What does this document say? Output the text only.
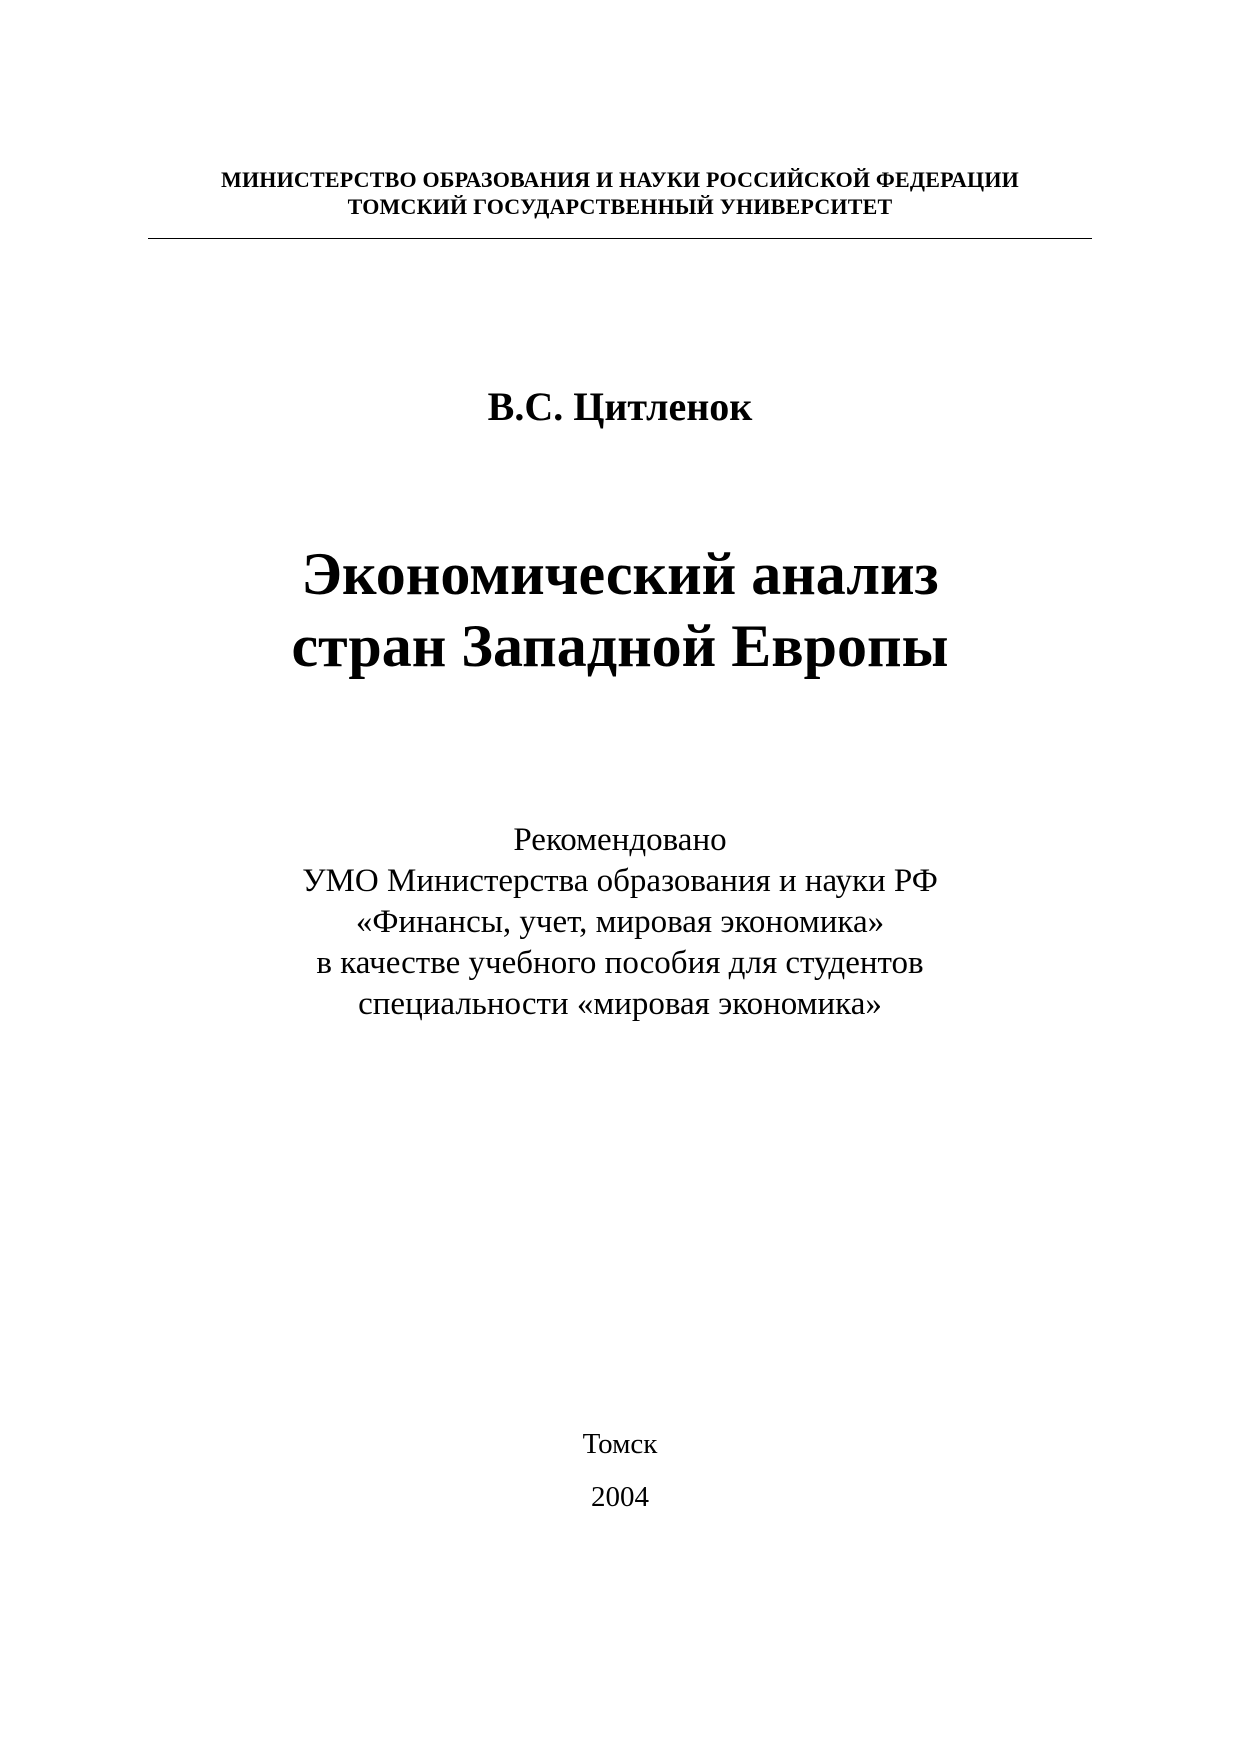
МИНИСТЕРСТВО ОБРАЗОВАНИЯ И НАУКИ РОССИЙСКОЙ ФЕДЕРАЦИИ
ТОМСКИЙ ГОСУДАРСТВЕННЫЙ УНИВЕРСИТЕТ
В.С. Цитленок
Экономический анализ
стран Западной Европы
Рекомендовано
УМО Министерства образования и науки РФ
«Финансы, учет, мировая экономика»
в качестве учебного пособия для студентов
специальности «мировая экономика»
Томск
2004
